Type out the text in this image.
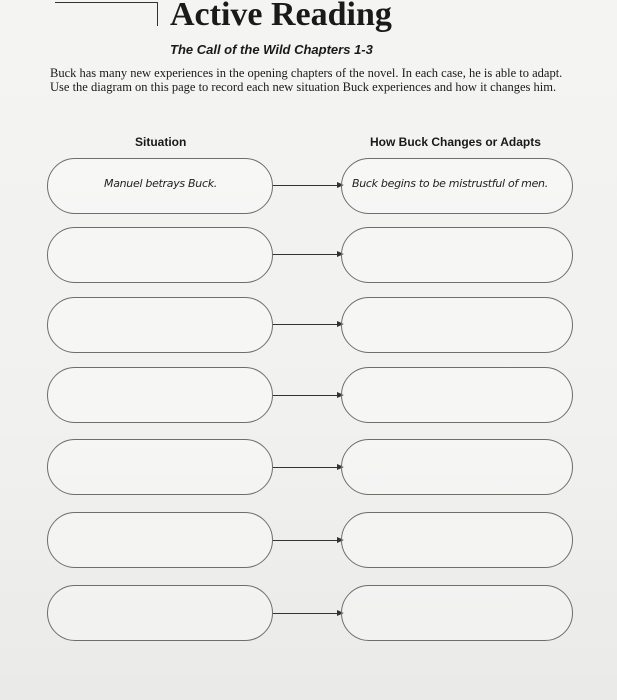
Active Reading
The Call of the Wild Chapters 1-3
Buck has many new experiences in the opening chapters of the novel. In each case, he is able to adapt. Use the diagram on this page to record each new situation Buck experiences and how it changes him.
Situation	How Buck Changes or Adapts
Manuel betrays Buck.	Buck begins to be mistrustful of men.
